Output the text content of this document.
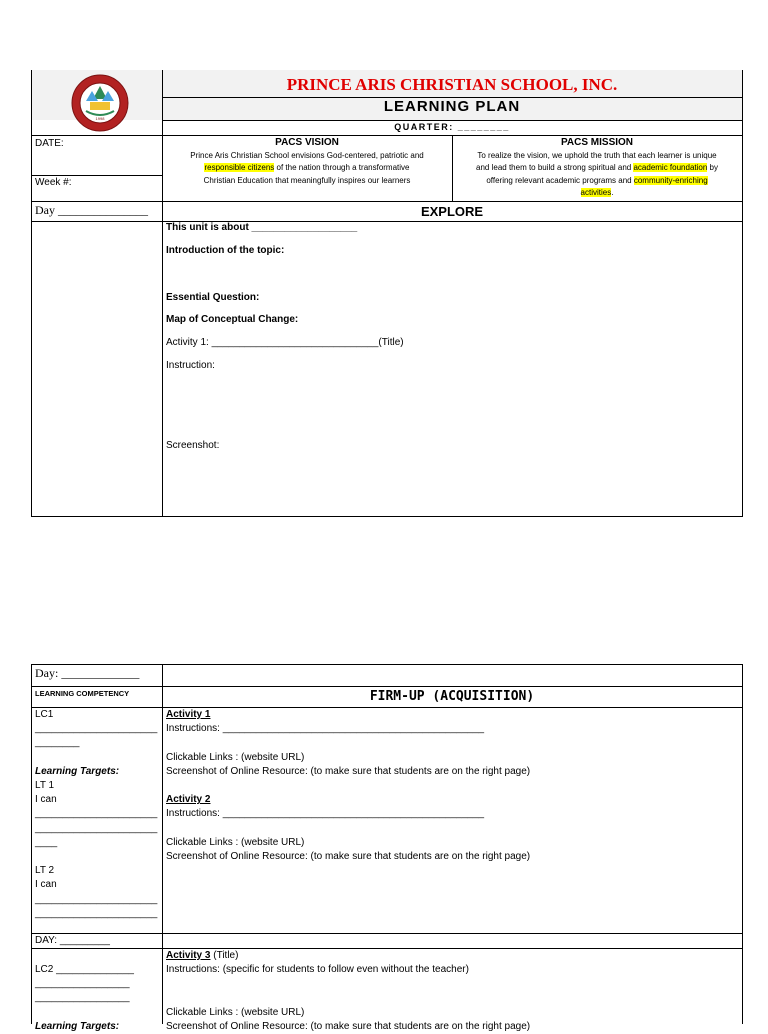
1998
PRINCE ARIS CHRISTIAN SCHOOL, INC.
LEARNING PLAN
QUARTER: ________
DATE:
Week #:
Day _______________
PACS VISION
Prince Aris Christian School envisions God-centered, patriotic and
responsible citizens of the nation through a transformative
Christian Education that meaningfully inspires our learners
PACS MISSION
To realize the vision, we uphold the truth that each learner is unique
and lead them to build a strong spiritual and academic foundation by
offering relevant academic programs and community-enriching
activities.
EXPLORE
This unit is about ___________________
Introduction of the topic:
Essential Question:
Map of Conceptual Change:
Activity 1: ______________________________(Title)
Instruction:
Screenshot:
Day: _____________
LEARNING COMPETENCY	FIRM-UP (ACQUISITION)
LC1
______________________
________

Learning Targets:
LT 1
I can
______________________
______________________
____

LT 2
I can
______________________
______________________
Activity 1
Instructions: _______________________________________________

Clickable Links : (website URL)
Screenshot of Online Resource: (to make sure that students are on the right page)

Activity 2
Instructions: _______________________________________________

Clickable Links : (website URL)
Screenshot of Online Resource: (to make sure that students are on the right page)
DAY: _________
LC2 ______________
_________________
_________________

Learning Targets:
Activity 3 (Title)
Instructions: (specific for students to follow even without the teacher)

Clickable Links : (website URL)
Screenshot of Online Resource: (to make sure that students are on the right page)
